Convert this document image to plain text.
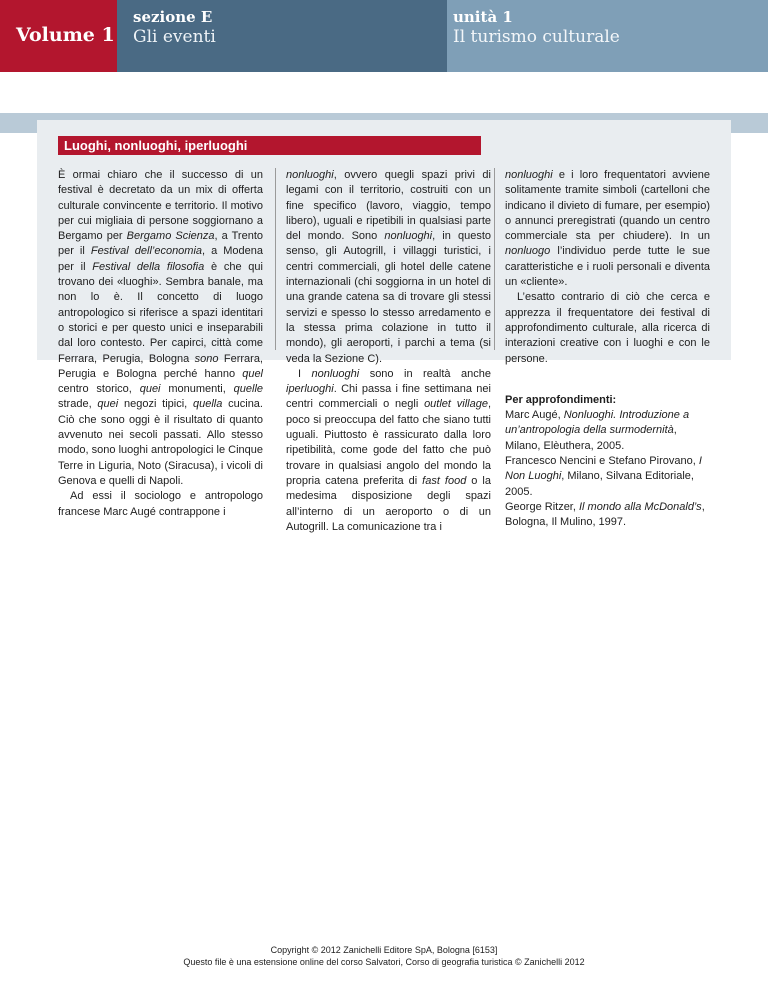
Volume 1
sezione E
Gli eventi
unità 1
Il turismo culturale
Luoghi, nonluoghi, iperluoghi

È ormai chiaro che il successo di un festival è decretato da un mix di offerta culturale convincente e territorio. Il motivo per cui migliaia di persone soggiornano a Bergamo per Bergamo Scienza, a Trento per il Festival dell’economia, a Modena per il Festival della filosofia è che qui trovano dei «luoghi». Sembra banale, ma non lo è. Il concetto di luogo antropologico si riferisce a spazi identitari o storici e per questo unici e inseparabili dal loro contesto. Per capirci, città come Ferrara, Perugia, Bologna sono Ferrara, Perugia e Bologna perché hanno quel centro storico, quei monumenti, quelle strade, quei negozi tipici, quella cucina. Ciò che sono oggi è il risultato di quanto avvenuto nei secoli passati. Allo stesso modo, sono luoghi antropologici le Cinque Terre in Liguria, Noto (Siracusa), i vicoli di Genova e quelli di Napoli.

Ad essi il sociologo e antropologo francese Marc Augé contrappone i

nonluoghi, ovvero quegli spazi privi di legami con il territorio, costruiti con un fine specifico (lavoro, viaggio, tempo libero), uguali e ripetibili in qualsiasi parte del mondo. Sono nonluoghi, in questo senso, gli Autogrill, i villaggi turistici, i centri commerciali, gli hotel delle catene internazionali (chi soggiorna in un hotel di una grande catena sa di trovare gli stessi servizi e spesso lo stesso arredamento e la stessa prima colazione in tutto il mondo), gli aeroporti, i parchi a tema (si veda la Sezione C).

I nonluoghi sono in realtà anche iperluoghi. Chi passa i fine settimana nei centri commerciali o negli outlet village, poco si preoccupa del fatto che siano tutti uguali. Piuttosto è rassicurato dalla loro ripetibilità, come gode del fatto che può trovare in qualsiasi angolo del mondo la propria catena preferita di fast food o la medesima disposizione degli spazi all’interno di un aeroporto o di un Autogrill. La comunicazione tra i

nonluoghi e i loro frequentatori avviene solitamente tramite simboli (cartelloni che indicano il divieto di fumare, per esempio) o annunci preregistrati (quando un centro commerciale sta per chiudere). In un nonluogo l’individuo perde tutte le sue caratteristiche e i ruoli personali e diventa un «cliente».

L’esatto contrario di ciò che cerca e apprezza il frequentatore dei festival di approfondimento culturale, alla ricerca di interazioni creative con i luoghi e con le persone.

Per approfondimenti:
Marc Augé, Nonluoghi. Introduzione a un’antropologia della surmodernità, Milano, Elèuthera, 2005.
Francesco Nencini e Stefano Pirovano, I Non Luoghi, Milano, Silvana Editoriale, 2005.
George Ritzer, Il mondo alla McDonald’s, Bologna, Il Mulino, 1997.
Copyright © 2012 Zanichelli Editore SpA, Bologna [6153]
Questo file è una estensione online del corso Salvatori, Corso di geografia turistica © Zanichelli 2012
